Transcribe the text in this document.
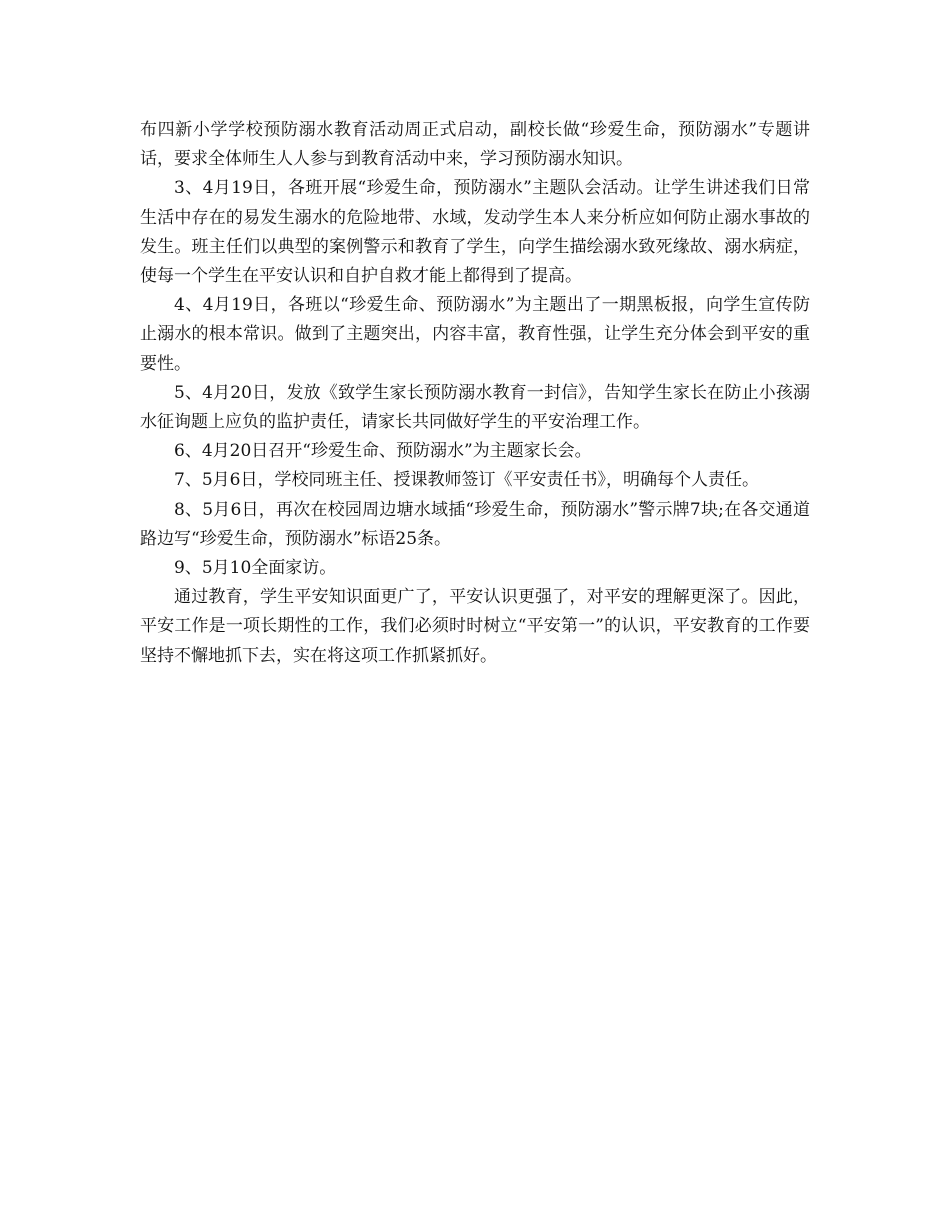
布四新小学学校预防溺水教育活动周正式启动，副校长做“珍爱生命，预防溺水”专题讲话，要求全体师生人人参与到教育活动中来，学习预防溺水知识。

3、4月19日，各班开展“珍爱生命，预防溺水”主题队会活动。让学生讲述我们日常生活中存在的易发生溺水的危险地带、水域，发动学生本人来分析应如何防止溺水事故的发生。班主任们以典型的案例警示和教育了学生，向学生描绘溺水致死缘故、溺水病症，使每一个学生在平安认识和自护自救才能上都得到了提高。

4、4月19日，各班以“珍爱生命、预防溺水”为主题出了一期黑板报，向学生宣传防止溺水的根本常识。做到了主题突出，内容丰富，教育性强，让学生充分体会到平安的重要性。

5、4月20日，发放《致学生家长预防溺水教育一封信》，告知学生家长在防止小孩溺水征询题上应负的监护责任，请家长共同做好学生的平安治理工作。

6、4月20日召开“珍爱生命、预防溺水”为主题家长会。

7、5月6日，学校同班主任、授课教师签订《平安责任书》，明确每个人责任。

8、5月6日，再次在校园周边塘水域插“珍爱生命，预防溺水”警示牌7块;在各交通道路边写“珍爱生命，预防溺水”标语25条。

9、5月10全面家访。

通过教育，学生平安知识面更广了，平安认识更强了，对平安的理解更深了。因此，平安工作是一项长期性的工作，我们必须时时树立“平安第一”的认识，平安教育的工作要坚持不懈地抓下去，实在将这项工作抓紧抓好。
